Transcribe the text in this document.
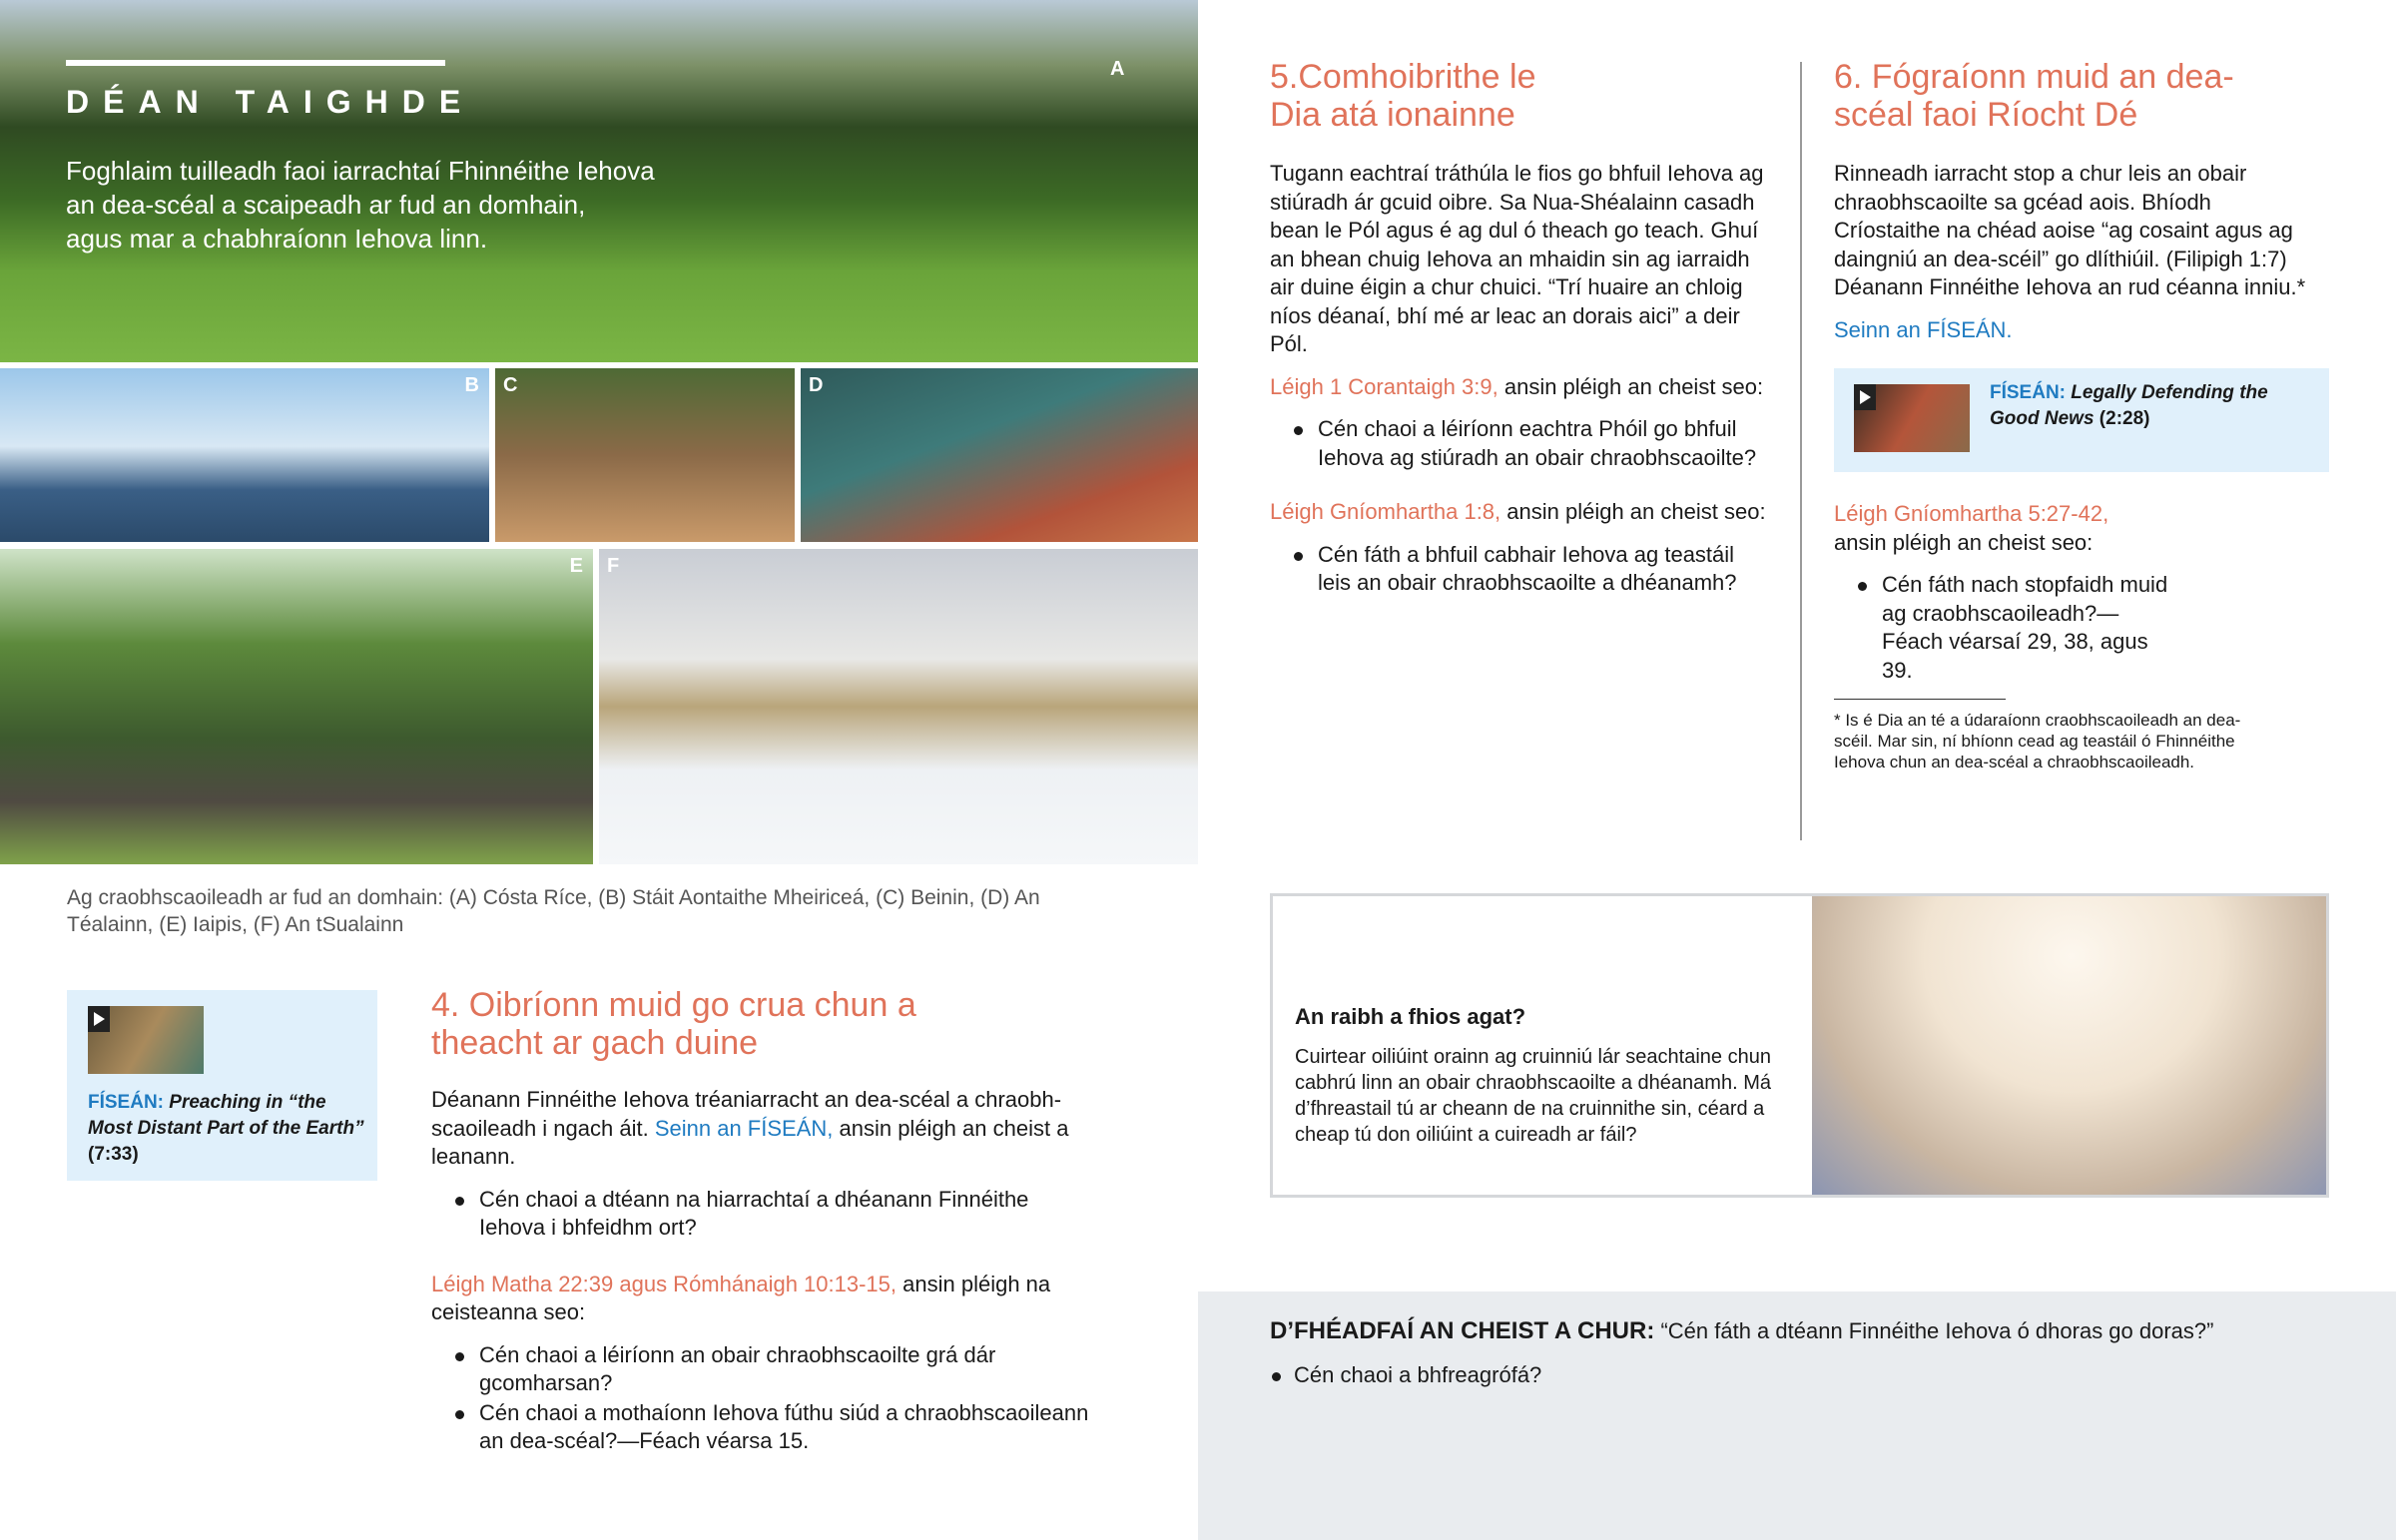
DÉAN TAIGHDE
Foghlaim tuilleadh faoi iarrachtaí Fhinnéithe Iehova
an dea-scéal a scaipeadh ar fud an domhain,
agus mar a chabhraíonn Iehova linn.
A
B C	D
E F
Ag craobhscaoileadh ar fud an domhain: (A) Cósta Ríce, (B) Stáit Aontaithe Mheiriceá, (C) Beinin, (D) An Téalainn, (E) Iaipis, (F) An tSualainn
FÍSEÁN: Preaching in “the Most Distant Part of the Earth” (7:33)
4. Oibríonn muid go crua chun a theacht ar gach duine

Déanann Finnéithe Iehova tréaniarracht an dea-scéal a chraobhscaoileadh i ngach áit. Seinn an FÍSEÁN, ansin pléigh an cheist a leanann.

Cén chaoi a dtéann na hiarrachtaí a dhéanann Finnéithe Iehova i bhfeidhm ort?

Léigh Matha 22:39 agus Rómhánaigh 10:13-15, ansin pléigh na ceisteanna seo:

Cén chaoi a léiríonn an obair chraobhscaoilte grá dár gcomharsan?
Cén chaoi a mothaíonn Iehova fúthu siúd a chraobhscaoileann an dea-scéal?—Féach véarsa 15.
5.Comhoibrithe le Dia atá ionainne

Tugann eachtraí tráthúla le fios go bhfuil Iehova ag stiúradh ár gcuid oibre. Sa Nua-Shéalainn casadh bean le Pól agus é ag dul ó theach go teach. Ghuí an bhean chuig Iehova an mhaidin sin ag iarraidh air duine éigin a chur chuici. “Trí huaire an chloig níos déanaí, bhí mé ar leac an dorais aici” a deir Pól.

Léigh 1 Corantaigh 3:9, ansin pléigh an cheist seo:

Cén chaoi a léiríonn eachtra Phóil go bhfuil Iehova ag stiúradh an obair chraobhscaoilte?

Léigh Gníomhartha 1:8, ansin pléigh an cheist seo:

Cén fáth a bhfuil cabhair Iehova ag teastáil leis an obair chraobhscaoilte a dhéanamh?
6. Fógraíonn muid an dea-scéal faoi Ríocht Dé

Rinneadh iarracht stop a chur leis an obair chraobhscaoilte sa gcéad aois. Bhíodh Críostaithe na chéad aoise “ag cosaint agus ag daingniú an dea-scéil” go dlíthiúil. (Filipigh 1:7) Déanann Finnéithe Iehova an rud céanna inniu.*

Seinn an FÍSEÁN.

FÍSEÁN: Legally Defending the Good News (2:28)

Léigh Gníomhartha 5:27-42, ansin pléigh an cheist seo:

Cén fáth nach stopfaidh muid ag craobhscaoileadh?—Féach véarsaí 29, 38, agus 39.

* Is é Dia an té a údaraíonn craobhscaoileadh an dea-scéil. Mar sin, ní bhíonn cead ag teastáil ó Fhinnéithe Iehova chun an dea-scéal a chraobhscaoileadh.

An raibh a fhios agat?

Cuirtear oiliúint orainn ag cruinniú lár seachtaine chun cabhrú linn an obair chraobhscaoilte a dhéanamh. Má d’fhreastail tú ar cheann de na cruinnithe sin, céard a cheap tú don oiliúint a cuireadh ar fáil?

D’FHÉADFAÍ AN CHEIST A CHUR: “Cén fáth a dtéann Finnéithe Iehova ó dhoras go doras?”

Cén chaoi a bhfreagrófá?
